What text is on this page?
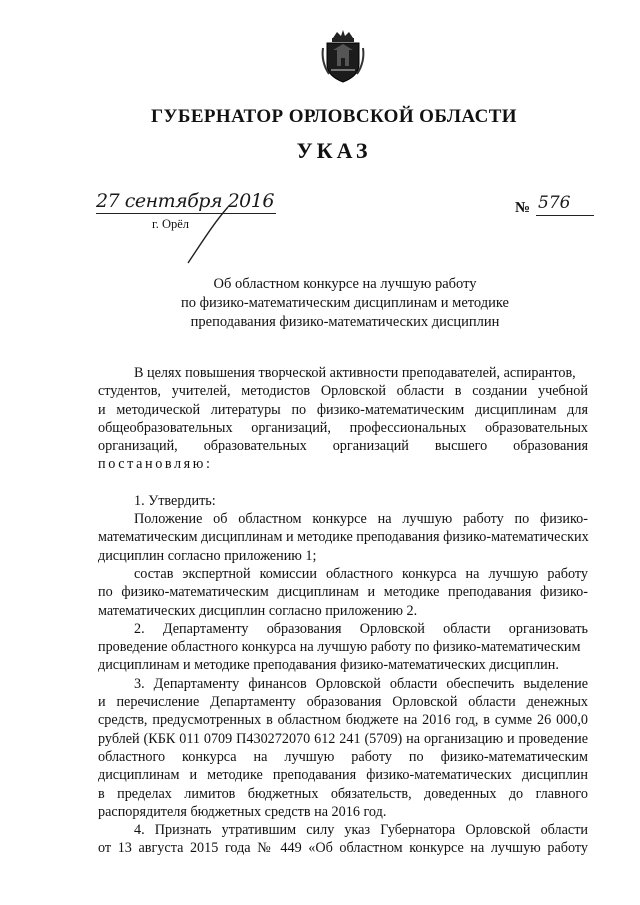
ГУБЕРНАТОР ОРЛОВСКОЙ ОБЛАСТИ
УКАЗ
27 сентября 2016
г. Орёл
№ 576
Об областном конкурсе на лучшую работу
по физико-математическим дисциплинам и методике
преподавания физико-математических дисциплин
В целях повышения творческой активности преподавателей, аспирантов,
студентов, учителей, методистов Орловской области в создании учебной
и методической литературы по физико-математическим дисциплинам для
общеобразовательных организаций, профессиональных образовательных
организаций, образовательных организаций высшего образования
постановляю:
1. Утвердить:
Положение об областном конкурсе на лучшую работу по физико-
математическим дисциплинам и методике преподавания физико-математических
дисциплин согласно приложению 1;
состав экспертной комиссии областного конкурса на лучшую работу
по физико-математическим дисциплинам и методике преподавания физико-
математических дисциплин согласно приложению 2.
2. Департаменту образования Орловской области организовать
проведение областного конкурса на лучшую работу по физико-математическим
дисциплинам и методике преподавания физико-математических дисциплин.
3. Департаменту финансов Орловской области обеспечить выделение
и перечисление Департаменту образования Орловской области денежных
средств, предусмотренных в областном бюджете на 2016 год, в сумме 26 000,0
рублей (КБК 011 0709 П430272070 612 241 (5709) на организацию и проведение
областного конкурса на лучшую работу по физико-математическим
дисциплинам и методике преподавания физико-математических дисциплин
в пределах лимитов бюджетных обязательств, доведенных до главного
распорядителя бюджетных средств на 2016 год.
4. Признать утратившим силу указ Губернатора Орловской области
от 13 августа 2015 года № 449 «Об областном конкурсе на лучшую работу
